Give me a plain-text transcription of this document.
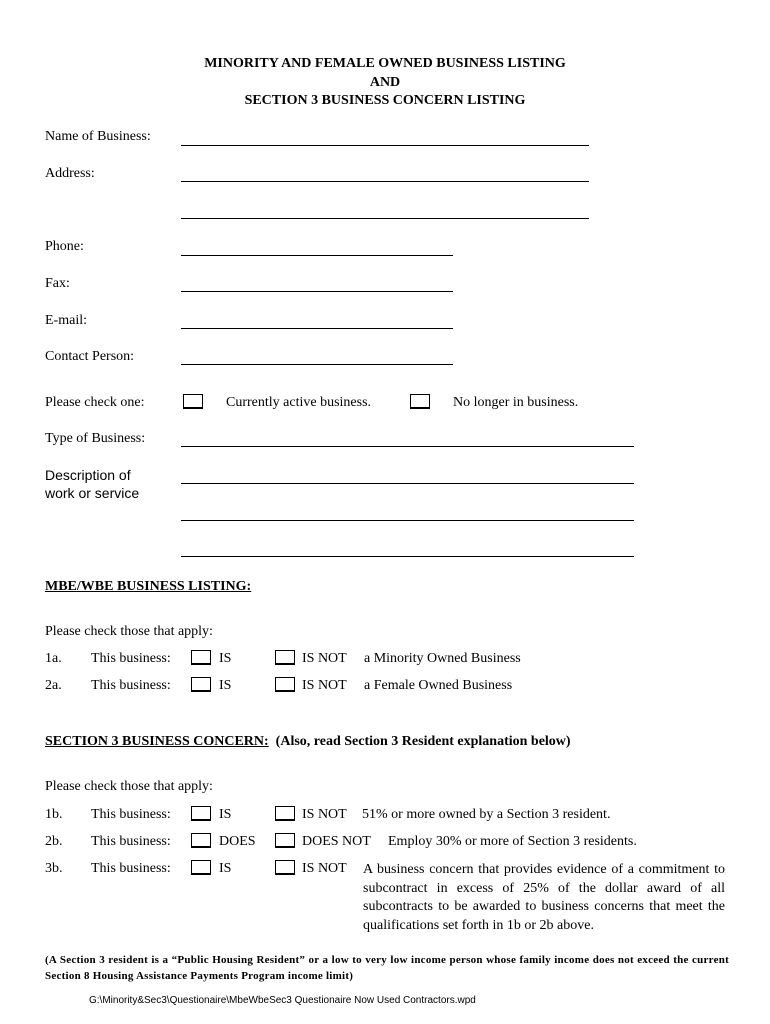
MINORITY AND FEMALE OWNED BUSINESS LISTING
AND
SECTION 3 BUSINESS CONCERN LISTING
Name of Business:
Address:
Phone:
Fax:
E-mail:
Contact Person:
Please check one:	Currently active business.	No longer in business.
Type of Business:
Description of
work or service
MBE/WBE BUSINESS LISTING:
Please check those that apply:
1a. This business:	IS	IS NOT a Minority Owned Business
2a. This business:	IS	IS NOT a Female Owned Business
SECTION 3 BUSINESS CONCERN: (Also, read Section 3 Resident explanation below)
Please check those that apply:
1b. This business:	IS	IS NOT 51% or more owned by a Section 3 resident.
2b. This business:	DOES	DOES NOT Employ 30% or more of Section 3 residents.
3b. This business:	IS	IS NOT A business concern that provides evidence of a commitment to subcontract in excess of 25% of the dollar award of all subcontracts to be awarded to business concerns that meet the qualifications set forth in 1b or 2b above.
(A Section 3 resident is a “Public Housing Resident” or a low to very low income person whose family income does not exceed the current Section 8 Housing Assistance Payments Program income limit)
G:\Minority&Sec3\Questionaire\MbeWbeSec3 Questionaire Now Used Contractors.wpd
